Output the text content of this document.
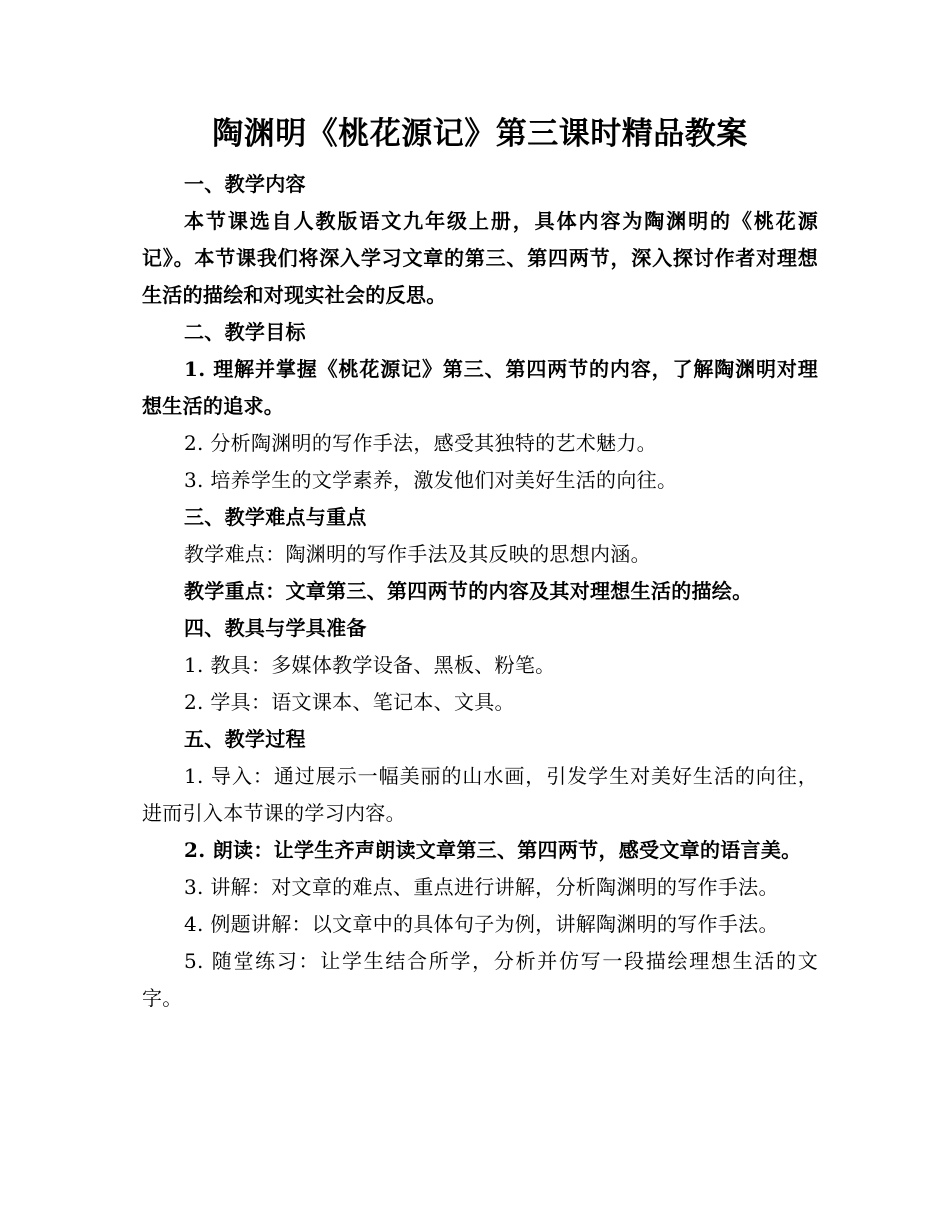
陶渊明《桃花源记》第三课时精品教案

一、教学内容

本节课选自人教版语文九年级上册，具体内容为陶渊明的《桃花源记》。本节课我们将深入学习文章的第三、第四两节，深入探讨作者对理想生活的描绘和对现实社会的反思。

二、教学目标

1. 理解并掌握《桃花源记》第三、第四两节的内容，了解陶渊明对理想生活的追求。

2. 分析陶渊明的写作手法，感受其独特的艺术魅力。

3. 培养学生的文学素养，激发他们对美好生活的向往。

三、教学难点与重点

教学难点：陶渊明的写作手法及其反映的思想内涵。

教学重点：文章第三、第四两节的内容及其对理想生活的描绘。

四、教具与学具准备

1. 教具：多媒体教学设备、黑板、粉笔。

2. 学具：语文课本、笔记本、文具。

五、教学过程

1. 导入：通过展示一幅美丽的山水画，引发学生对美好生活的向往，进而引入本节课的学习内容。

2. 朗读：让学生齐声朗读文章第三、第四两节，感受文章的语言美。

3. 讲解：对文章的难点、重点进行讲解，分析陶渊明的写作手法。

4. 例题讲解：以文章中的具体句子为例，讲解陶渊明的写作手法。

5. 随堂练习：让学生结合所学，分析并仿写一段描绘理想生活的文字。
